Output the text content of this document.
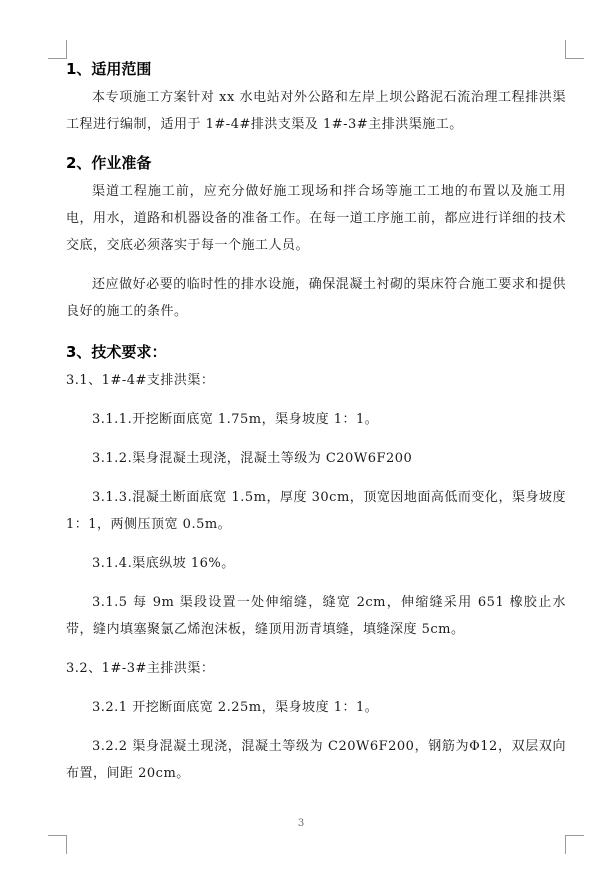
1、适用范围

本专项施工方案针对 xx 水电站对外公路和左岸上坝公路泥石流治理工程排洪渠工程进行编制，适用于 1#-4#排洪支渠及 1#-3#主排洪渠施工。

2、作业准备

渠道工程施工前，应充分做好施工现场和拌合场等施工工地的布置以及施工用电，用水，道路和机器设备的准备工作。在每一道工序施工前，都应进行详细的技术交底，交底必须落实于每一个施工人员。

还应做好必要的临时性的排水设施，确保混凝土衬砌的渠床符合施工要求和提供良好的施工的条件。

3、技术要求：

3.1、1#-4#支排洪渠：

3.1.1.开挖断面底宽 1.75m，渠身坡度 1：1。

3.1.2.渠身混凝土现浇，混凝土等级为 C20W6F200

3.1.3.混凝土断面底宽 1.5m，厚度 30cm，顶宽因地面高低而变化，渠身坡度 1：1，两侧压顶宽 0.5m。

3.1.4.渠底纵坡 16%。

3.1.5 每 9m 渠段设置一处伸缩缝，缝宽 2cm，伸缩缝采用 651 橡胶止水带，缝内填塞聚氯乙烯泡沫板，缝顶用沥青填缝，填缝深度 5cm。

3.2、1#-3#主排洪渠：

3.2.1 开挖断面底宽 2.25m，渠身坡度 1：1。

3.2.2 渠身混凝土现浇，混凝土等级为 C20W6F200，钢筋为Φ12，双层双向布置，间距 20cm。

3
